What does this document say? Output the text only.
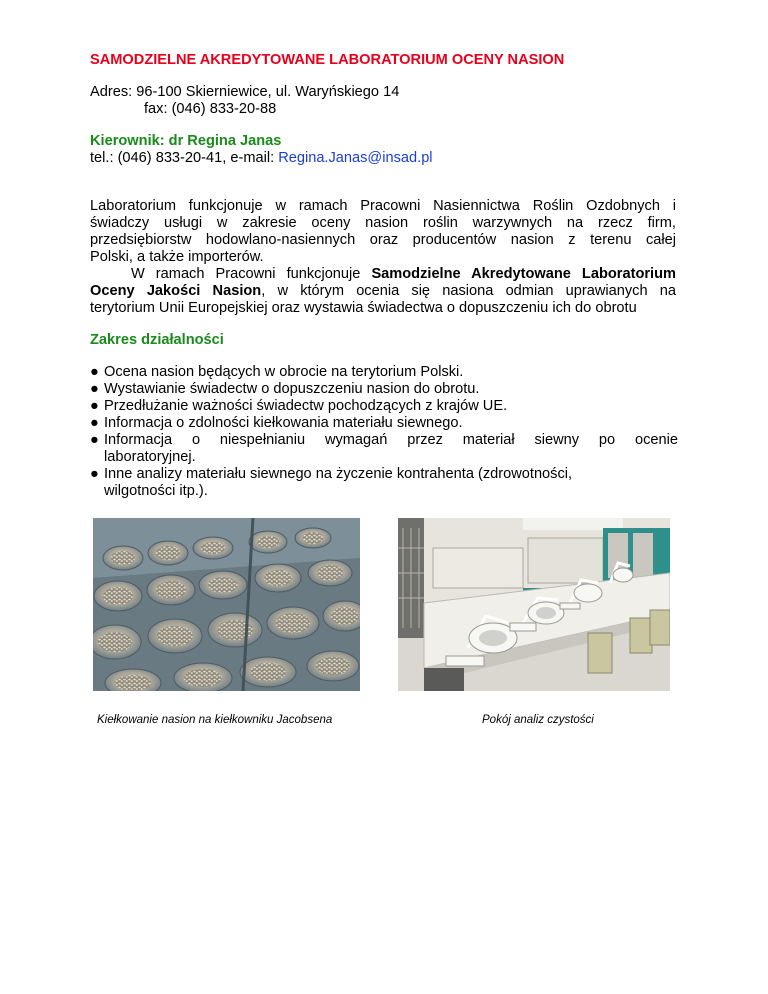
SAMODZIELNE AKREDYTOWANE LABORATORIUM OCENY NASION

Adres: 96-100 Skierniewice, ul. Waryńskiego 14

fax: (046) 833-20-88

Kierownik: dr Regina Janas

tel.: (046) 833-20-41, e-mail: Regina.Janas@insad.pl

Laboratorium funkcjonuje w ramach Pracowni Nasiennictwa Roślin Ozdobnych i

świadczy usługi w zakresie oceny nasion roślin warzywnych na rzecz firm,

przedsiębiorstw hodowlano-nasiennych oraz producentów nasion z terenu całej

Polski, a także importerów.

W ramach Pracowni funkcjonuje Samodzielne Akredytowane Laboratorium

Oceny Jakości Nasion, w którym ocenia się nasiona odmian uprawianych na

terytorium Unii Europejskiej oraz wystawia świadectwa o dopuszczeniu ich do obrotu

Zakres działalności

● Ocena nasion będących w obrocie na terytorium Polski.

● Wystawianie świadectw o dopuszczeniu nasion do obrotu.

● Przedłużanie ważności świadectw pochodzących z krajów UE.

● Informacja o zdolności kiełkowania materiału siewnego.

● Informacja o niespełnianiu wymagań przez materiał siewny po ocenie

laboratoryjnej.

● Inne analizy materiału siewnego na życzenie kontrahenta (zdrowotności,

wilgotności itp.).

Kiełkowanie nasion na kiełkowniku Jacobsena	Pokój analiz czystości
